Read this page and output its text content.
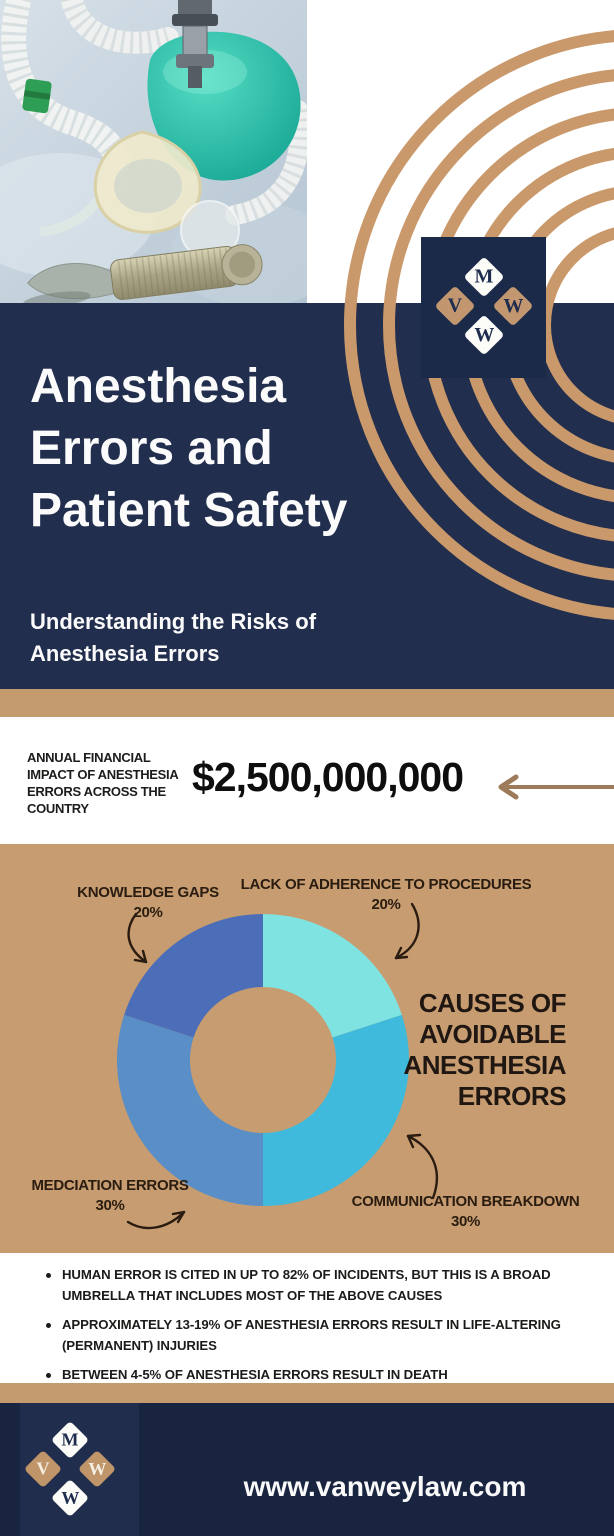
M
V W
W
Anesthesia Errors and Patient Safety
Understanding the Risks of Anesthesia Errors
ANNUAL FINANCIAL IMPACT OF ANESTHESIA ERRORS ACROSS THE COUNTRY
$2,500,000,000
KNOWLEDGE GAPS
20%
LACK OF ADHERENCE TO PROCEDURES
20%
MEDCIATION ERRORS
30%	COMMUNICATION BREAKDOWN
30%
CAUSES OF AVOIDABLE ANESTHESIA ERRORS
HUMAN ERROR IS CITED IN UP TO 82% OF INCIDENTS, BUT THIS IS A BROAD UMBRELLA THAT INCLUDES MOST OF THE ABOVE CAUSES
APPROXIMATELY 13-19% OF ANESTHESIA ERRORS RESULT IN LIFE-ALTERING (PERMANENT) INJURIES
BETWEEN 4-5% OF ANESTHESIA ERRORS RESULT IN DEATH
M
V W
W	www.vanweylaw.com
